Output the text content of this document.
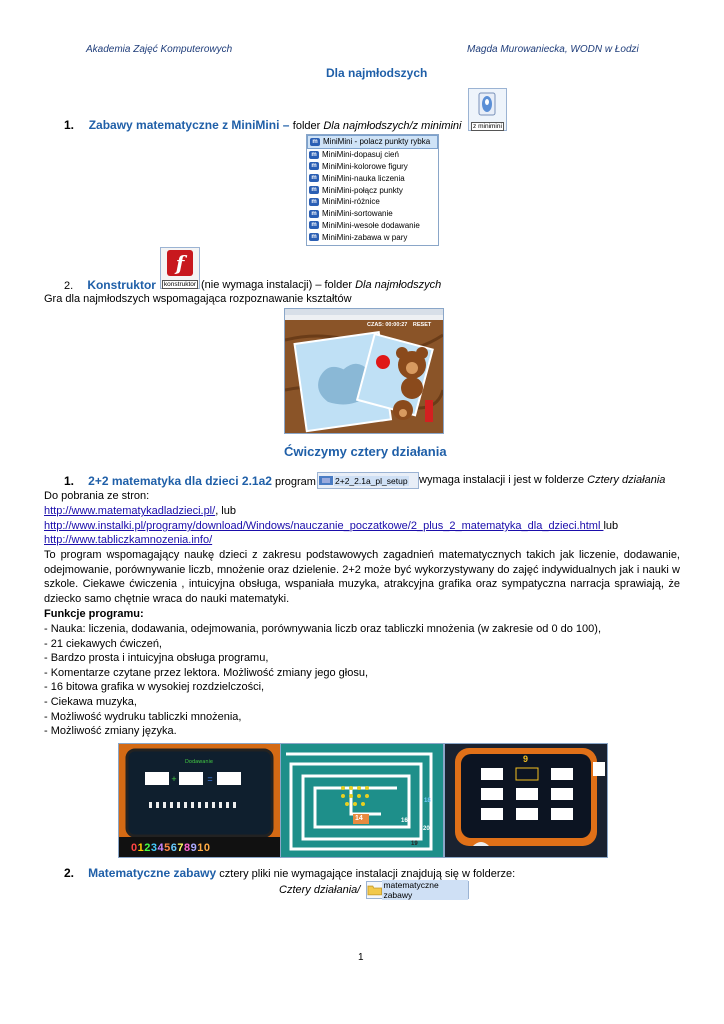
Akademia Zajęć Komputerowych	Magda Murowaniecka, WODN w Łodzi
Dla najmłodszych
1. Zabawy matematyczne z MiniMini – folder Dla najmłodszych/z minimini	z minimini
m MiniMini - polacz punkty rybka
m MiniMini-dopasuj cień
m MiniMini-kolorowe figury
m MiniMini-nauka liczenia
m MiniMini-połącz punkty
m MiniMini-różnice
m MiniMini-sortowanie
m MiniMini-wesołe dodawanie
m MiniMini-zabawa w pary
f
konstruktor
2. Konstruktor	(nie wymaga instalacji) – folder Dla najmłodszych
Gra dla najmłodszych wspomagająca rozpoznawanie kształtów
CZAS: 00:00:27 RESET
Ćwiczymy cztery działania
1. 2+2 matematyka dla dzieci 2.1a2 program 2+2_2.1a_pl_setup wymaga instalacji i jest w folderze Cztery działania
Do pobrania ze stron:
http://www.matematykadladzieci.pl/, lub
http://www.instalki.pl/programy/download/Windows/nauczanie_poczatkowe/2_plus_2_matematyka_dla_dzieci.html lub
http://www.tabliczkamnozenia.info/
To program wspomagający naukę dzieci z zakresu podstawowych zagadnień matematycznych takich jak liczenie, dodawanie, odejmowanie, porównywanie liczb, mnożenie oraz dzielenie. 2+2 może być wykorzystywany do zajęć indywidualnych jak i nauki w szkole. Ciekawe ćwiczenia , intuicyjna obsługa, wspaniała muzyka, atrakcyjna grafika oraz sympatyczna narracja sprawiają, że dziecko samo chętnie wraca do nauki matematyki.
Funkcje programu:
- Nauka: liczenia, dodawania, odejmowania, porównywania liczb oraz tabliczki mnożenia (w zakresie od 0 do 100),
- 21 ciekawych ćwiczeń,
- Bardzo prosta i intuicyjna obsługa programu,
- Komentarze czytane przez lektora. Możliwość zmiany jego głosu,
- 16 bitowa grafika w wysokiej rozdzielczości,
- Ciekawa muzyka,
- Możliwość wydruku tabliczki mnożenia,
- Możliwość zmiany języka.
Dodawanie
+	=
012345678910
14	16
18
20
19
9
2. Matematyczne zabawy cztery pliki nie wymagające instalacji znajdują się w folderze:
Cztery działania/	matematyczne zabawy
1
